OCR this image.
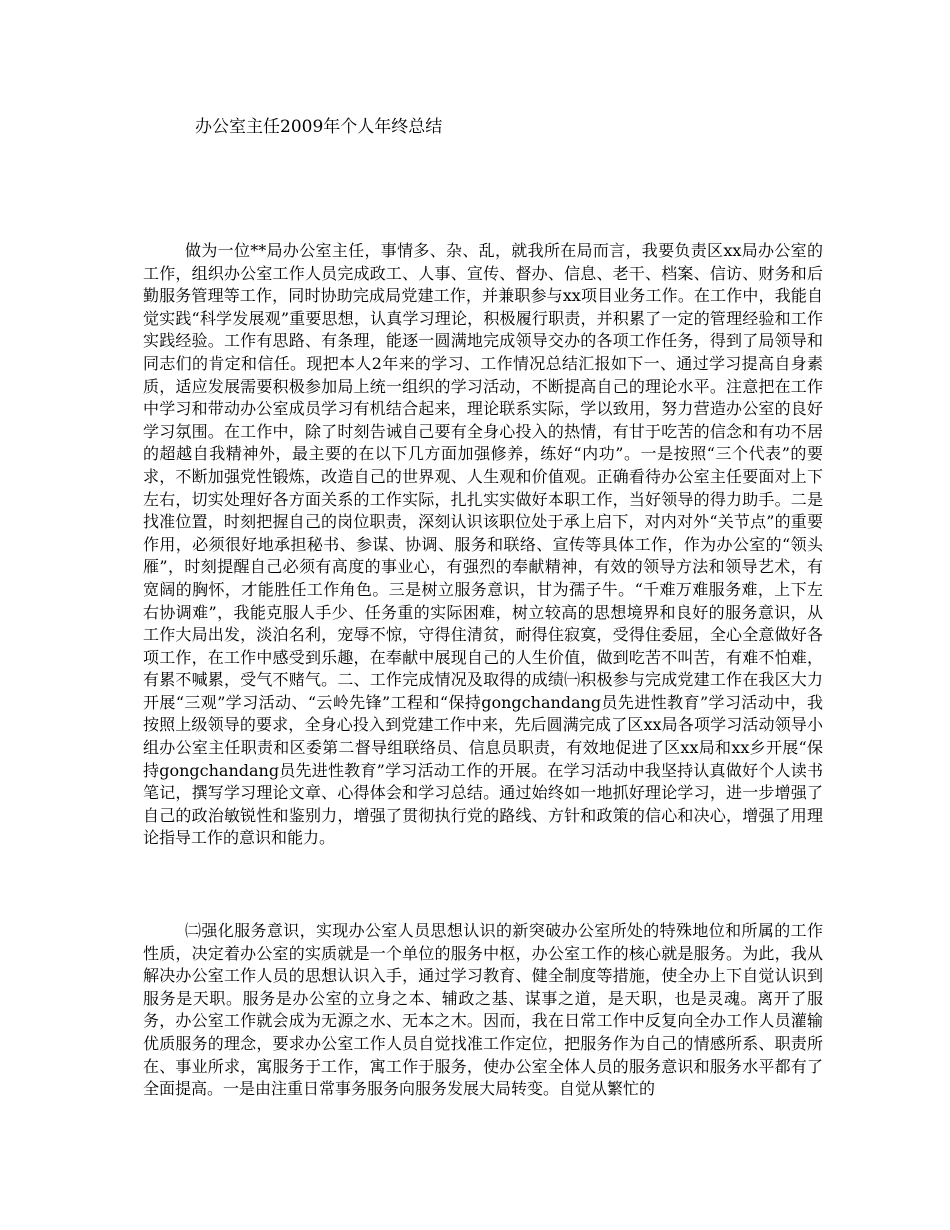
办公室主任2009年个人年终总结

做为一位**局办公室主任，事情多、杂、乱，就我所在局而言，我要负责区xx局办公室的工作，组织办公室工作人员完成政工、人事、宣传、督办、信息、老干、档案、信访、财务和后勤服务管理等工作，同时协助完成局党建工作，并兼职参与xx项目业务工作。在工作中，我能自觉实践“科学发展观”重要思想，认真学习理论，积极履行职责，并积累了一定的管理经验和工作实践经验。工作有思路、有条理，能逐一圆满地完成领导交办的各项工作任务，得到了局领导和同志们的肯定和信任。现把本人2年来的学习、工作情况总结汇报如下一、通过学习提高自身素质，适应发展需要积极参加局上统一组织的学习活动，不断提高自己的理论水平。注意把在工作中学习和带动办公室成员学习有机结合起来，理论联系实际，学以致用，努力营造办公室的良好学习氛围。在工作中，除了时刻告诫自己要有全身心投入的热情，有甘于吃苦的信念和有功不居的超越自我精神外，最主要的在以下几方面加强修养，练好“内功”。一是按照“三个代表”的要求，不断加强党性锻炼，改造自己的世界观、人生观和价值观。正确看待办公室主任要面对上下左右，切实处理好各方面关系的工作实际，扎扎实实做好本职工作，当好领导的得力助手。二是找准位置，时刻把握自己的岗位职责，深刻认识该职位处于承上启下，对内对外“关节点”的重要作用，必须很好地承担秘书、参谋、协调、服务和联络、宣传等具体工作，作为办公室的“领头雁”，时刻提醒自己必须有高度的事业心，有强烈的奉献精神，有效的领导方法和领导艺术，有宽阔的胸怀，才能胜任工作角色。三是树立服务意识，甘为孺子牛。“千难万难服务难，上下左右协调难”，我能克服人手少、任务重的实际困难，树立较高的思想境界和良好的服务意识，从工作大局出发，淡泊名利，宠辱不惊，守得住清贫，耐得住寂寞，受得住委屈，全心全意做好各项工作，在工作中感受到乐趣，在奉献中展现自己的人生价值，做到吃苦不叫苦，有难不怕难，有累不喊累，受气不赌气。二、工作完成情况及取得的成绩㈠积极参与完成党建工作在我区大力开展“三观”学习活动、“云岭先锋”工程和“保持gongchandang员先进性教育”学习活动中，我按照上级领导的要求，全身心投入到党建工作中来，先后圆满完成了区xx局各项学习活动领导小组办公室主任职责和区委第二督导组联络员、信息员职责，有效地促进了区xx局和xx乡开展“保持gongchandang员先进性教育”学习活动工作的开展。在学习活动中我坚持认真做好个人读书笔记，撰写学习理论文章、心得体会和学习总结。通过始终如一地抓好理论学习，进一步增强了自己的政治敏锐性和鉴别力，增强了贯彻执行党的路线、方针和政策的信心和决心，增强了用理论指导工作的意识和能力。

㈡强化服务意识，实现办公室人员思想认识的新突破办公室所处的特殊地位和所属的工作性质，决定着办公室的实质就是一个单位的服务中枢，办公室工作的核心就是服务。为此，我从解决办公室工作人员的思想认识入手，通过学习教育、健全制度等措施，使全办上下自觉认识到服务是天职。服务是办公室的立身之本、辅政之基、谋事之道，是天职，也是灵魂。离开了服务，办公室工作就会成为无源之水、无本之木。因而，我在日常工作中反复向全办工作人员灌输优质服务的理念，要求办公室工作人员自觉找准工作定位，把服务作为自己的情感所系、职责所在、事业所求，寓服务于工作，寓工作于服务，使办公室全体人员的服务意识和服务水平都有了全面提高。一是由注重日常事务服务向服务发展大局转变。自觉从繁忙的
